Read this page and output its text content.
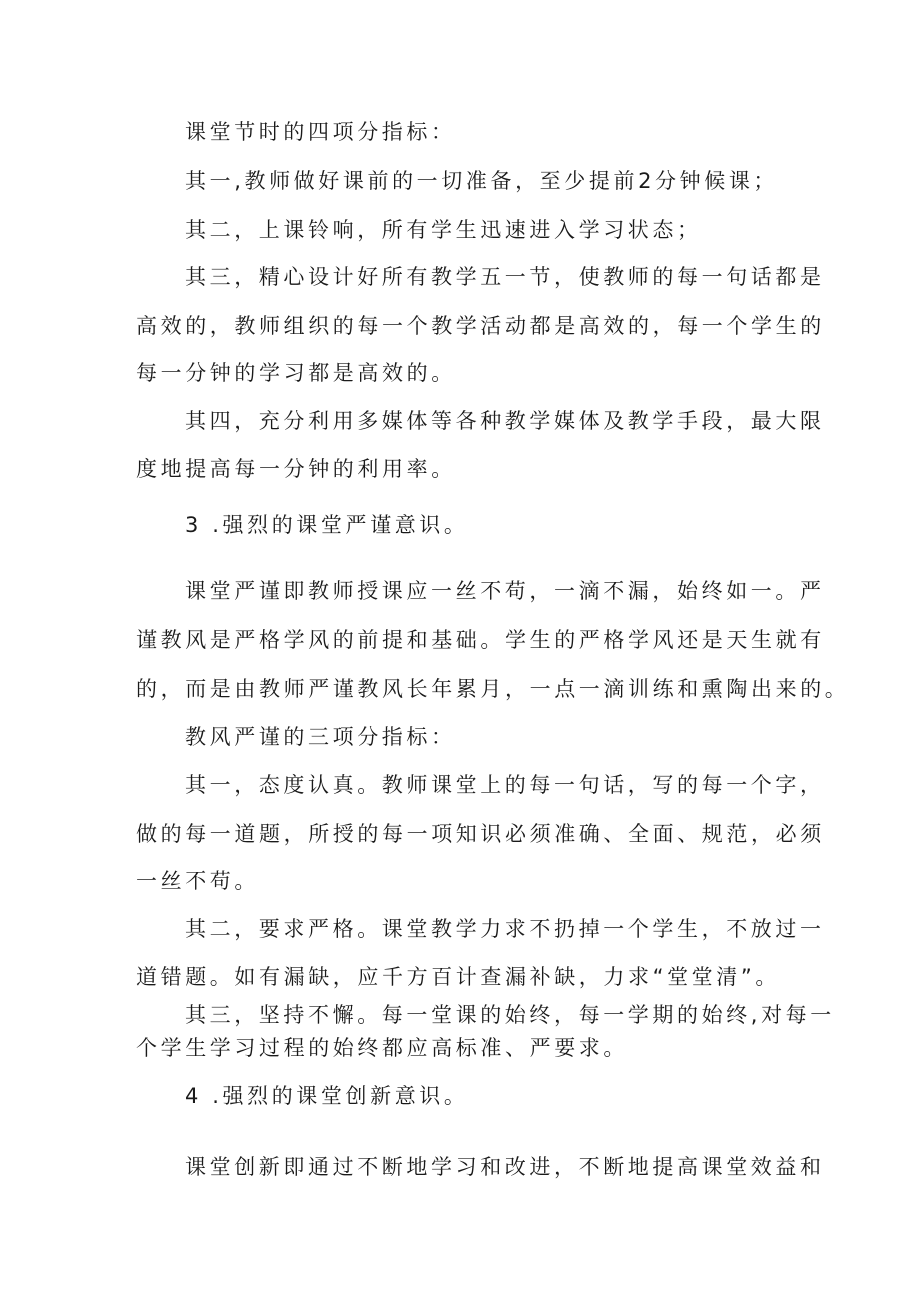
课堂节时的四项分指标：
其一,教师做好课前的一切准备，至少提前2分钟候课；
其二，上课铃响，所有学生迅速进入学习状态；
其三，精心设计好所有教学五一节，使教师的每一句话都是
高效的，教师组织的每一个教学活动都是高效的，每一个学生的
每一分钟的学习都是高效的。
其四，充分利用多媒体等各种教学媒体及教学手段，最大限
度地提高每一分钟的利用率。
3 .强烈的课堂严谨意识。
课堂严谨即教师授课应一丝不苟，一滴不漏，始终如一。严
谨教风是严格学风的前提和基础。学生的严格学风还是天生就有
的，而是由教师严谨教风长年累月，一点一滴训练和熏陶出来的。
教风严谨的三项分指标：
其一，态度认真。教师课堂上的每一句话，写的每一个字，
做的每一道题，所授的每一项知识必须准确、全面、规范，必须
一丝不苟。
其二，要求严格。课堂教学力求不扔掉一个学生，不放过一
道错题。如有漏缺，应千方百计查漏补缺，力求“堂堂清”。
其三，坚持不懈。每一堂课的始终，每一学期的始终,对每一
个学生学习过程的始终都应高标准、严要求。
4 .强烈的课堂创新意识。
课堂创新即通过不断地学习和改进，不断地提高课堂效益和
